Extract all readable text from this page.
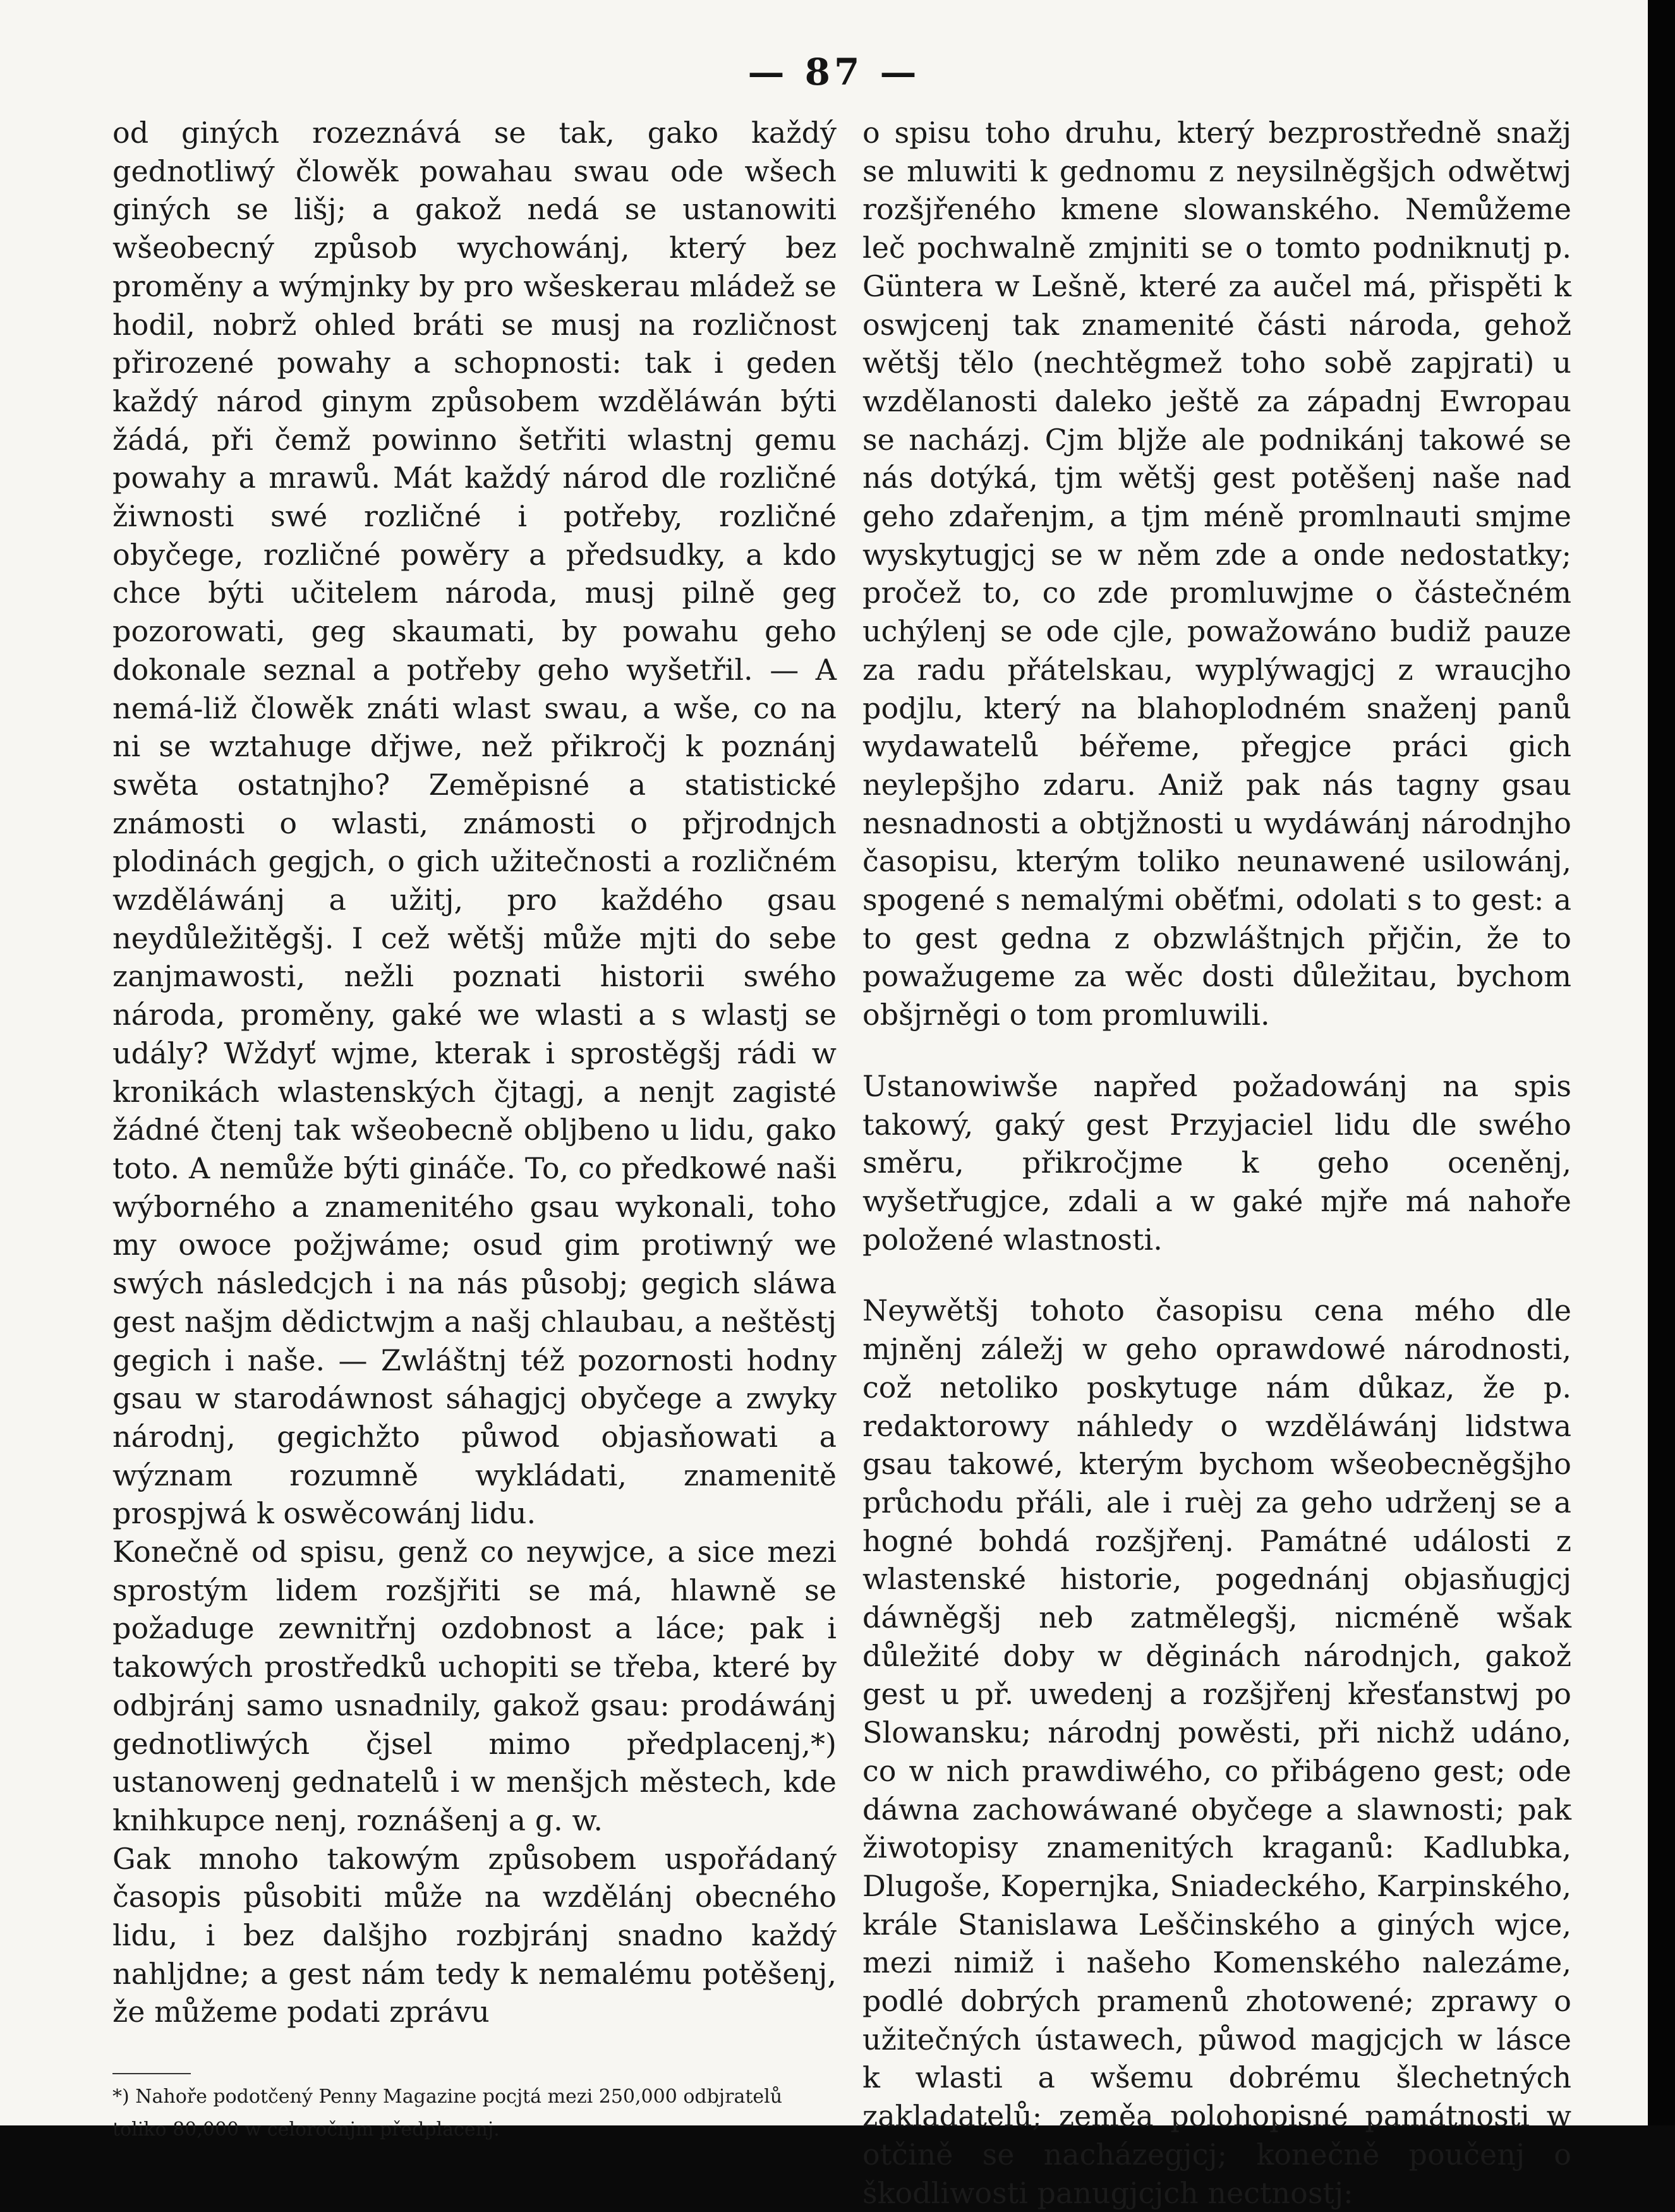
— 87 —

od giných rozeznává se tak, gako každý gednotliwý člowěk powahau swau ode wšech giných se lišj; a gakož nedá se ustanowiti wšeobecný způsob wychowánj, který bez proměny a wýmjnky by pro wšeskerau mládež se hodil, nobrž ohled bráti se musj na rozličnost přirozené powahy a schopnosti: tak i geden každý národ ginym způsobem wzděláwán býti žádá, při čemž powinno šetřiti wlastnj gemu powahy a mrawů. Mát každý národ dle rozličné žiwnosti swé rozličné i potřeby, rozličné obyčege, rozličné powěry a předsudky, a kdo chce býti učitelem národa, musj pilně geg pozorowati, geg skaumati, by powahu geho dokonale seznal a potřeby geho wyšetřil. — A nemá-liž člowěk znáti wlast swau, a wše, co na ni se wztahuge dřjwe, než přikročj k poznánj swěta ostatnjho? Zeměpisné a statistické známosti o wlasti, známosti o přjrodnjch plodinách gegjch, o gich užitečnosti a rozličném wzděláwánj a užitj, pro každého gsau neydůležitěgšj. I cež wětšj může mjti do sebe zanjmawosti, nežli poznati historii swého národa, proměny, gaké we wlasti a s wlastj se udály? Wždyť wjme, kterak i sprostěgšj rádi w kronikách wlastenských čjtagj, a nenjt zagisté žádné čtenj tak wšeobecně oblјbeno u lidu, gako toto. A nemůže býti gináče. To, co předkowé naši wýborného a znamenitého gsau wykonali, toho my owoce požjwáme; osud gim protiwný we swých následcjch i na nás působj; gegich sláwa gest našjm dědictwjm a našj chlaubau, a neštěstj gegich i naše. — Zwláštnj též pozornosti hodny gsau w starodáwnost sáhagjcj obyčege a zwyky národnj, gegichžto půwod objasňowati a wýznam rozumně wykládati, znamenitě prospjwá k oswěcowánj lidu.

Konečně od spisu, genž co neywjce, a sice mezi sprostým lidem rozšjřiti se má, hlawně se požaduge zewnitřnj ozdobnost a láce; pak i takowých prostředků uchopiti se třeba, které by odbjránj samo usnadnily, gakož gsau: prodáwánj gednotliwých čjsel mimo předplacenj,*) ustanowenj gednatelů i w menšjch městech, kde knihkupce nenj, roznášenj a g. w.

Gak mnoho takowým způsobem uspořádaný časopis působiti může na wzdělánj obecného lidu, i bez dalšjho rozbjránj snadno každý nahljdne; a gest nám tedy k nemalému potěšenj, že můžeme podati zprávu

*) Nahoře podotčený Penny Magazine pocjtá mezi 250,000 odbjratelů toliko 80,000 w celoročnjm předplacenj.

o spisu toho druhu, který bezprostředně snažj se mluwiti k gednomu z neysilněgšjch odwětwj rozšjřeného kmene slowanského. Nemůžeme leč pochwalně zmjniti se o tomto podniknutj p. Güntera w Lešně, které za aučel má, přispěti k oswjcenj tak znamenité části národa, gehož wětšj tělo (nechtěgmež toho sobě zapjrati) u wzdělanosti daleko ještě za západnj Ewropau se nacházj. Cjm bljže ale podnikánj takowé se nás dotýká, tjm wětšj gest potěšenj naše nad geho zdařenjm, a tjm méně promlnauti smjme wyskytugjcj se w něm zde a onde nedostatky; pročež to, co zde promluwjme o částečném uchýlenj se ode cjle, powažowáno budiž pauze za radu přátelskau, wyplýwagjcj z wraucjho podjlu, který na blahoplodném snaženj panů wydawatelů béřeme, přegjce práci gich neylepšjho zdaru. Aniž pak nás tagny gsau nesnadnosti a obtjžnosti u wydáwánj národnjho časopisu, kterým toliko neunawené usilowánj, spogené s nemalými oběťmi, odolati s to gest: a to gest gedna z obzwláštnjch přjčin, že to powažugeme za wěc dosti důležitau, bychom obšjrněgi o tom promluwili.

Ustanowiwše napřed požadowánj na spis takowý, gaký gest Przyjaciel lidu dle swého směru, přikročjme k geho oceněnj, wyšetřugjce, zdali a w gaké mjře má nahoře položené wlastnosti.

Neywětšj tohoto časopisu cena mého dle mjněnj záležj w geho oprawdowé národnosti, což netoliko poskytuge nám důkaz, že p. redaktorowy náhledy o wzděláwánj lidstwa gsau takowé, kterým bychom wšeobecněgšjho průchodu přáli, ale i ruèj za geho udrženj se a hogné bohdá rozšjřenj. Památné události z wlastenské historie, pogednánj objasňugjcj dáwněgšj neb zatmělegšj, nicméně wšak důležité doby w děginách národnjch, gakož gest u př. uwedenj a rozšjřenj křesťanstwj po Slowansku; národnj powěsti, při nichž udáno, co w nich prawdiwého, co přibágeno gest; ode dáwna zachowáwané obyčege a slawnosti; pak žiwotopisy znamenitých kraganů: Kadlubka, Dlugoše, Kopernjka, Sniadeckého, Karpinského, krále Stanislawa Leščinského a giných wjce, mezi nimiž i našeho Komenského nalezáme, podlé dobrých pramenů zhotowené; zprawy o užitečných ústawech, půwod magjcjch w lásce k wlasti a wšemu dobrému šlechetných zakladatelů; zeměa polohopisné památnosti w otčině se nacházegjcj; konečně poučenj o škodliwosti panugjcjch nectnostj:
